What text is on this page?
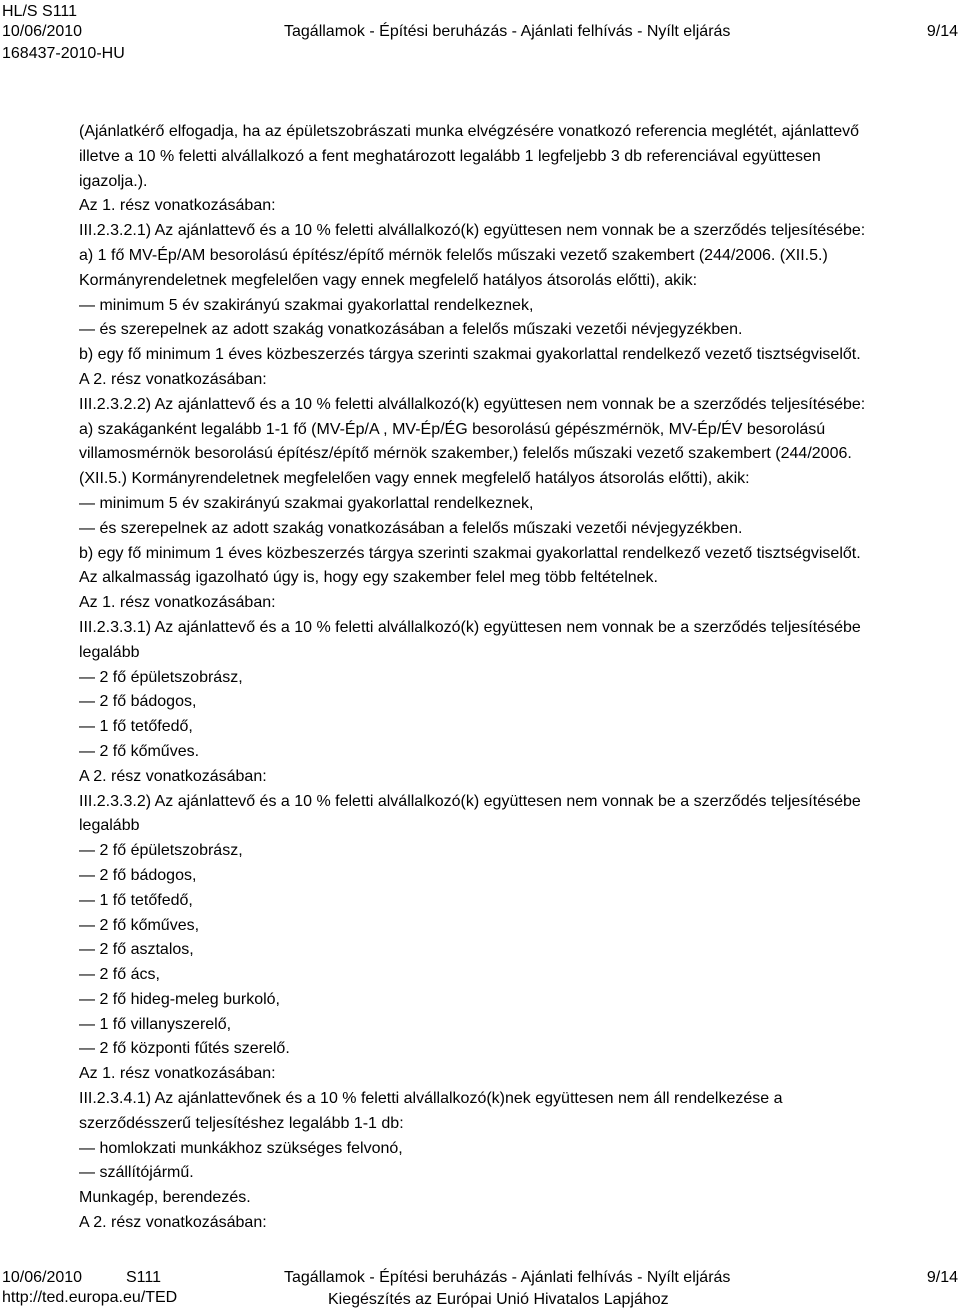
HL/S S111
10/06/2010	Tagállamok - Építési beruházás - Ajánlati felhívás - Nyílt eljárás	9/14
168437-2010-HU

(Ajánlatkérő elfogadja, ha az épületszobrászati munka elvégzésére vonatkozó referencia meglétét, ajánlattevő

illetve a 10 % feletti alvállalkozó a fent meghatározott legalább 1 legfeljebb 3 db referenciával együttesen

igazolja.).

Az 1. rész vonatkozásában:

III.2.3.2.1) Az ajánlattevő és a 10 % feletti alvállalkozó(k) együttesen nem vonnak be a szerződés teljesítésébe:

a) 1 fő MV-Ép/AM besorolású építész/építő mérnök felelős műszaki vezető szakembert (244/2006. (XII.5.)

Kormányrendeletnek megfelelően vagy ennek megfelelő hatályos átsorolás előtti), akik:

— minimum 5 év szakirányú szakmai gyakorlattal rendelkeznek,

— és szerepelnek az adott szakág vonatkozásában a felelős műszaki vezetői névjegyzékben.

b) egy fő minimum 1 éves közbeszerzés tárgya szerinti szakmai gyakorlattal rendelkező vezető tisztségviselőt.

A 2. rész vonatkozásában:

III.2.3.2.2) Az ajánlattevő és a 10 % feletti alvállalkozó(k) együttesen nem vonnak be a szerződés teljesítésébe:

a) szakáganként legalább 1-1 fő (MV-Ép/A , MV-Ép/ÉG besorolású gépészmérnök, MV-Ép/ÉV besorolású

villamosmérnök besorolású építész/építő mérnök szakember,) felelős műszaki vezető szakembert (244/2006.

(XII.5.) Kormányrendeletnek megfelelően vagy ennek megfelelő hatályos átsorolás előtti), akik:

— minimum 5 év szakirányú szakmai gyakorlattal rendelkeznek,

— és szerepelnek az adott szakág vonatkozásában a felelős műszaki vezetői névjegyzékben.

b) egy fő minimum 1 éves közbeszerzés tárgya szerinti szakmai gyakorlattal rendelkező vezető tisztségviselőt.

Az alkalmasság igazolható úgy is, hogy egy szakember felel meg több feltételnek.

Az 1. rész vonatkozásában:

III.2.3.3.1) Az ajánlattevő és a 10 % feletti alvállalkozó(k) együttesen nem vonnak be a szerződés teljesítésébe

legalább

— 2 fő épületszobrász,

— 2 fő bádogos,

— 1 fő tetőfedő,

— 2 fő kőműves.

A 2. rész vonatkozásában:

III.2.3.3.2) Az ajánlattevő és a 10 % feletti alvállalkozó(k) együttesen nem vonnak be a szerződés teljesítésébe

legalább

— 2 fő épületszobrász,

— 2 fő bádogos,

— 1 fő tetőfedő,

— 2 fő kőműves,

— 2 fő asztalos,

— 2 fő ács,

— 2 fő hideg-meleg burkoló,

— 1 fő villanyszerelő,

— 2 fő központi fűtés szerelő.

Az 1. rész vonatkozásában:

III.2.3.4.1) Az ajánlattevőnek és a 10 % feletti alvállalkozó(k)nek együttesen nem áll rendelkezése a

szerződésszerű teljesítéshez legalább 1-1 db:

— homlokzati munkákhoz szükséges felvonó,

— szállítójármű.

Munkagép, berendezés.

A 2. rész vonatkozásában:

10/06/2010	S111	Tagállamok - Építési beruházás - Ajánlati felhívás - Nyílt eljárás	9/14
http://ted.europa.eu/TED	Kiegészítés az Európai Unió Hivatalos Lapjához
